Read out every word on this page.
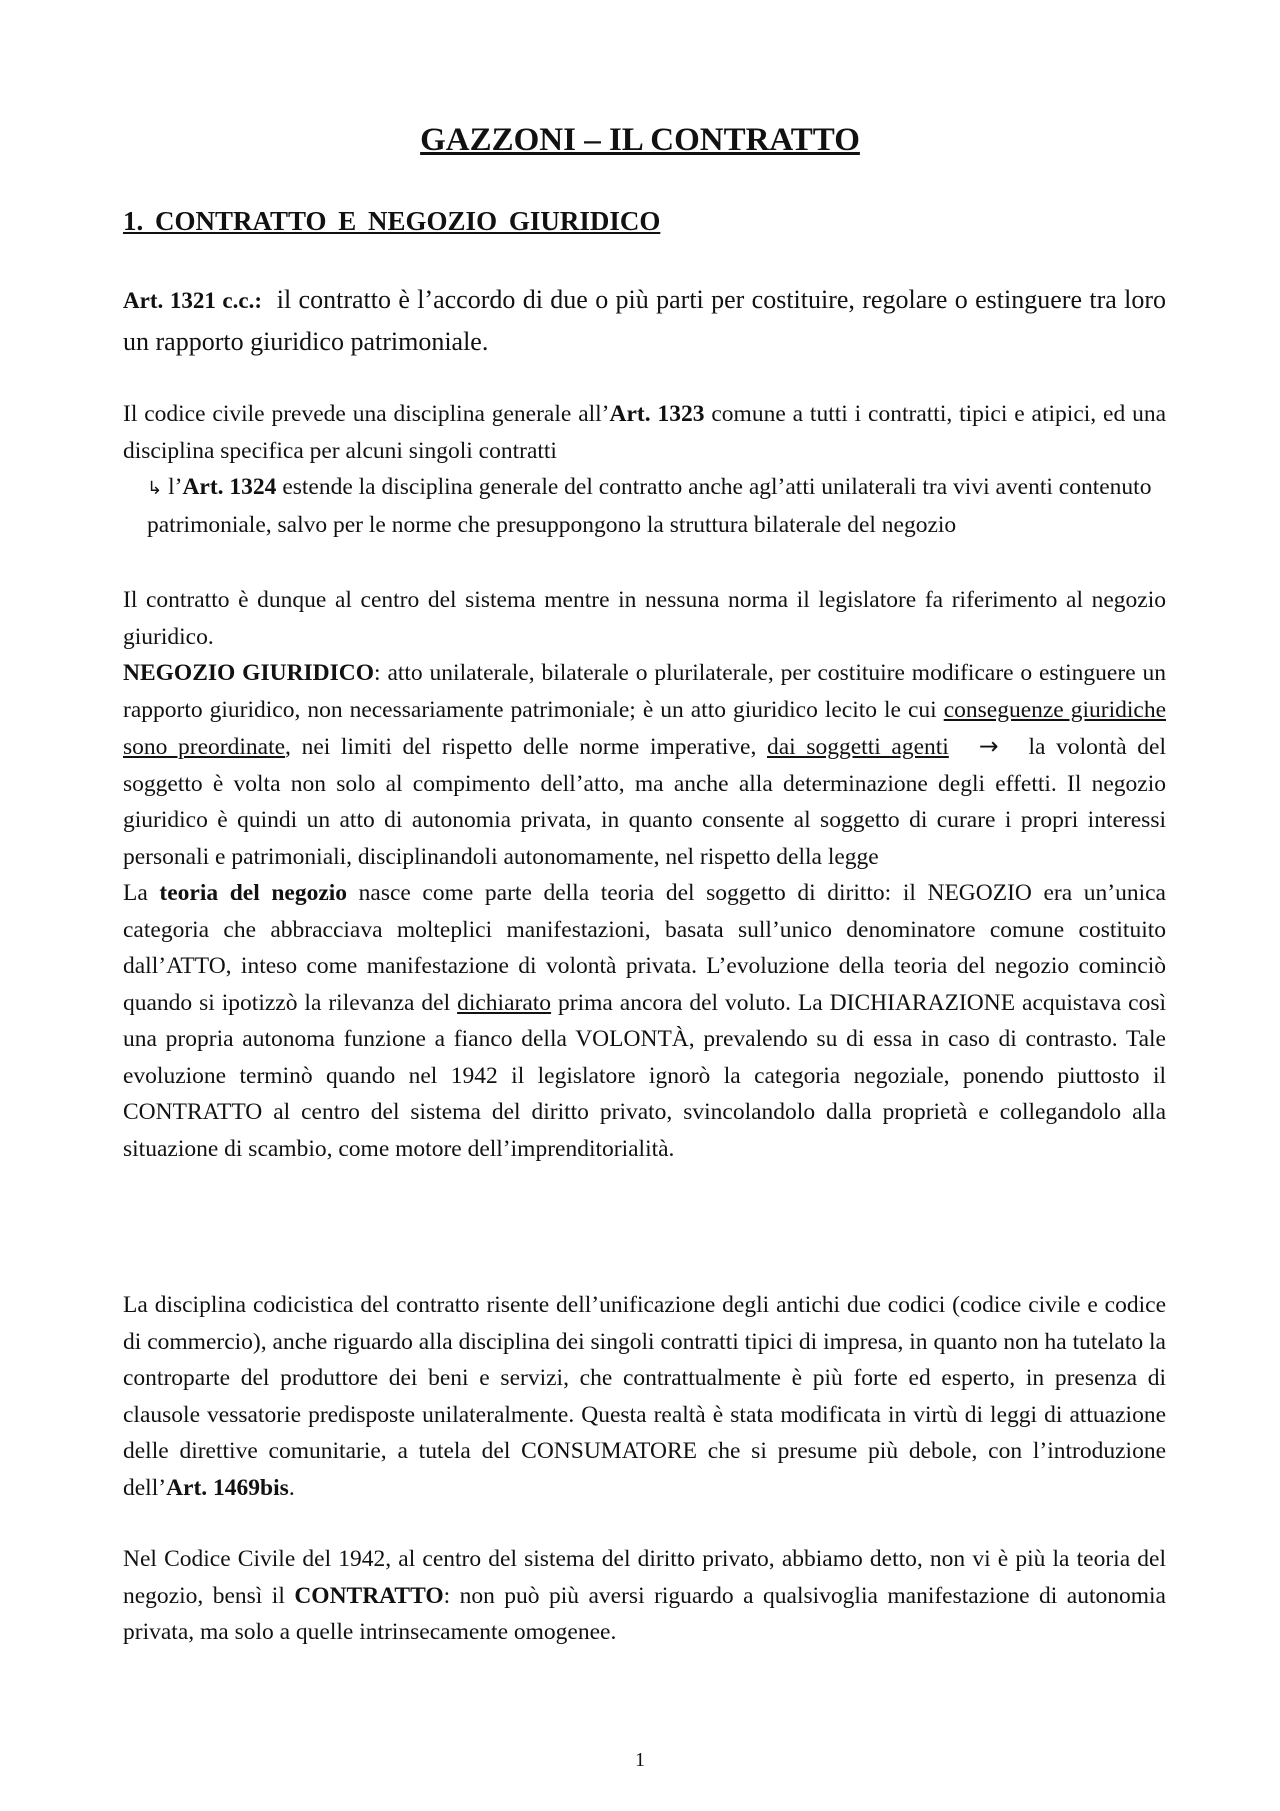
GAZZONI – IL CONTRATTO
1. CONTRATTO E NEGOZIO GIURIDICO

Art. 1321 c.c.: il contratto è l’accordo di due o più parti per costituire, regolare o estinguere tra loro un rapporto giuridico patrimoniale.

Il codice civile prevede una disciplina generale all’Art. 1323 comune a tutti i contratti, tipici e atipici, ed una disciplina specifica per alcuni singoli contratti

↳ l’Art. 1324 estende la disciplina generale del contratto anche agl’atti unilaterali tra vivi aventi contenuto patrimoniale, salvo per le norme che presuppongono la struttura bilaterale del negozio

Il contratto è dunque al centro del sistema mentre in nessuna norma il legislatore fa riferimento al negozio giuridico.

NEGOZIO GIURIDICO: atto unilaterale, bilaterale o plurilaterale, per costituire modificare o estinguere un rapporto giuridico, non necessariamente patrimoniale; è un atto giuridico lecito le cui conseguenze giuridiche sono preordinate, nei limiti del rispetto delle norme imperative, dai soggetti agenti → la volontà del soggetto è volta non solo al compimento dell’atto, ma anche alla determinazione degli effetti. Il negozio giuridico è quindi un atto di autonomia privata, in quanto consente al soggetto di curare i propri interessi personali e patrimoniali, disciplinandoli autonomamente, nel rispetto della legge

La teoria del negozio nasce come parte della teoria del soggetto di diritto: il NEGOZIO era un’unica categoria che abbracciava molteplici manifestazioni, basata sull’unico denominatore comune costituito dall’ATTO, inteso come manifestazione di volontà privata. L’evoluzione della teoria del negozio cominciò quando si ipotizzò la rilevanza del dichiarato prima ancora del voluto. La DICHIARAZIONE acquistava così una propria autonoma funzione a fianco della VOLONTÀ, prevalendo su di essa in caso di contrasto. Tale evoluzione terminò quando nel 1942 il legislatore ignorò la categoria negoziale, ponendo piuttosto il CONTRATTO al centro del sistema del diritto privato, svincolandolo dalla proprietà e collegandolo alla situazione di scambio, come motore dell’imprenditorialità.

La disciplina codicistica del contratto risente dell’unificazione degli antichi due codici (codice civile e codice di commercio), anche riguardo alla disciplina dei singoli contratti tipici di impresa, in quanto non ha tutelato la controparte del produttore dei beni e servizi, che contrattualmente è più forte ed esperto, in presenza di clausole vessatorie predisposte unilateralmente. Questa realtà è stata modificata in virtù di leggi di attuazione delle direttive comunitarie, a tutela del CONSUMATORE che si presume più debole, con l’introduzione dell’Art. 1469bis.

Nel Codice Civile del 1942, al centro del sistema del diritto privato, abbiamo detto, non vi è più la teoria del negozio, bensì il CONTRATTO: non può più aversi riguardo a qualsivoglia manifestazione di autonomia privata, ma solo a quelle intrinsecamente omogenee.

1
